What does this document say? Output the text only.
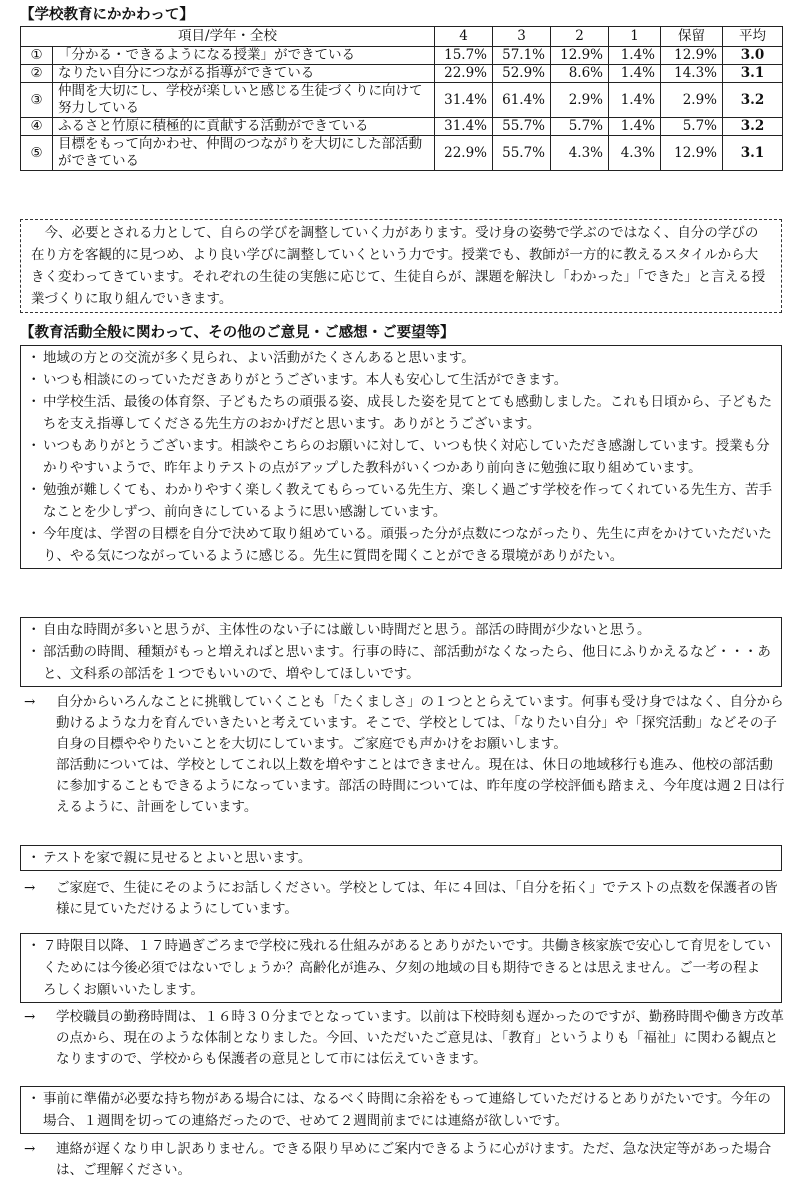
【学校教育にかかわって】
項目/学年・全校		4	3	2	1	保留	平均
①	「分かる・できるようになる授業」ができている	15.7%	57.1%	12.9%	1.4%	12.9%	3.0
②	なりたい自分につながる指導ができている	22.9%	52.9%	8.6%	1.4%	14.3%	3.1
③	仲間を大切にし、学校が楽しいと感じる生徒づくりに向けて努力している	31.4%	61.4%	2.9%	1.4%	2.9%	3.2
④	ふるさと竹原に積極的に貢献する活動ができている	31.4%	55.7%	5.7%	1.4%	5.7%	3.2
⑤	目標をもって向かわせ、仲間のつながりを大切にした部活動ができている	22.9%	55.7%	4.3%	4.3%	12.9%	3.1

今、必要とされる力として、自らの学びを調整していく力があります。受け身の姿勢で学ぶのではなく、自分の学びの在り方を客観的に見つめ、より良い学びに調整していくという力です。授業でも、教師が一方的に教えるスタイルから大きく変わってきています。それぞれの生徒の実態に応じて、生徒自らが、課題を解決し「わかった」「できた」と言える授業づくりに取り組んでいきます。

【教育活動全般に関わって、その他のご意見・ご感想・ご要望等】
・ 地域の方との交流が多く見られ、よい活動がたくさんあると思います。
・ いつも相談にのっていただきありがとうございます。本人も安心して生活ができます。
・ 中学校生活、最後の体育祭、子どもたちの頑張る姿、成長した姿を見てとても感動しました。これも日頃から、子どもたちを支え指導してくださる先生方のおかげだと思います。ありがとうございます。
・ いつもありがとうございます。相談やこちらのお願いに対して、いつも快く対応していただき感謝しています。授業も分かりやすいようで、昨年よりテストの点がアップした教科がいくつかあり前向きに勉強に取り組めています。
・ 勉強が難しくても、わかりやすく楽しく教えてもらっている先生方、楽しく過ごす学校を作ってくれている先生方、苦手なことを少しずつ、前向きにしているように思い感謝しています。
・ 今年度は、学習の目標を自分で決めて取り組めている。頑張った分が点数につながったり、先生に声をかけていただいたり、やる気につながっているように感じる。先生に質問を聞くことができる環境がありがたい。
・ 自由な時間が多いと思うが、主体性のない子には厳しい時間だと思う。部活の時間が少ないと思う。
・ 部活動の時間、種類がもっと増えればと思います。行事の時に、部活動がなくなったら、他日にふりかえるなど・・・あと、文科系の部活を１つでもいいので、増やしてほしいです。
→ 自分からいろんなことに挑戦していくことも「たくましさ」の１つととらえています。何事も受け身ではなく、自分から動けるような力を育んでいきたいと考えています。そこで、学校としては、「なりたい自分」や「探究活動」などその子自身の目標ややりたいことを大切にしています。ご家庭でも声かけをお願いします。

部活動については、学校としてこれ以上数を増やすことはできません。現在は、休日の地域移行も進み、他校の部活動に参加することもできるようになっています。部活の時間については、昨年度の学校評価も踏まえ、今年度は週２日は行えるように、計画をしています。

・ テストを家で親に見せるとよいと思います。
→ ご家庭で、生徒にそのようにお話しください。学校としては、年に４回は、「自分を拓く」でテストの点数を保護者の皆様に見ていただけるようにしています。

・ ７時限目以降、１７時過ぎごろまで学校に残れる仕組みがあるとありがたいです。共働き核家族で安心して育児をしていくためには今後必須ではないでしょうか？高齢化が進み、夕刻の地域の目も期待できるとは思えません。ご一考の程よろしくお願いいたします。
→ 学校職員の勤務時間は、１６時３０分までとなっています。以前は下校時刻も遅かったのですが、勤務時間や働き方改革の点から、現在のような体制となりました。今回、いただいたご意見は、「教育」というよりも「福祉」に関わる観点となりますので、学校からも保護者の意見として市には伝えていきます。

・ 事前に準備が必要な持ち物がある場合には、なるべく時間に余裕をもって連絡していただけるとありがたいです。今年の場合、１週間を切っての連絡だったので、せめて２週間前までには連絡が欲しいです。
→ 連絡が遅くなり申し訳ありません。できる限り早めにご案内できるように心がけます。ただ、急な決定等があった場合は、ご理解ください。
